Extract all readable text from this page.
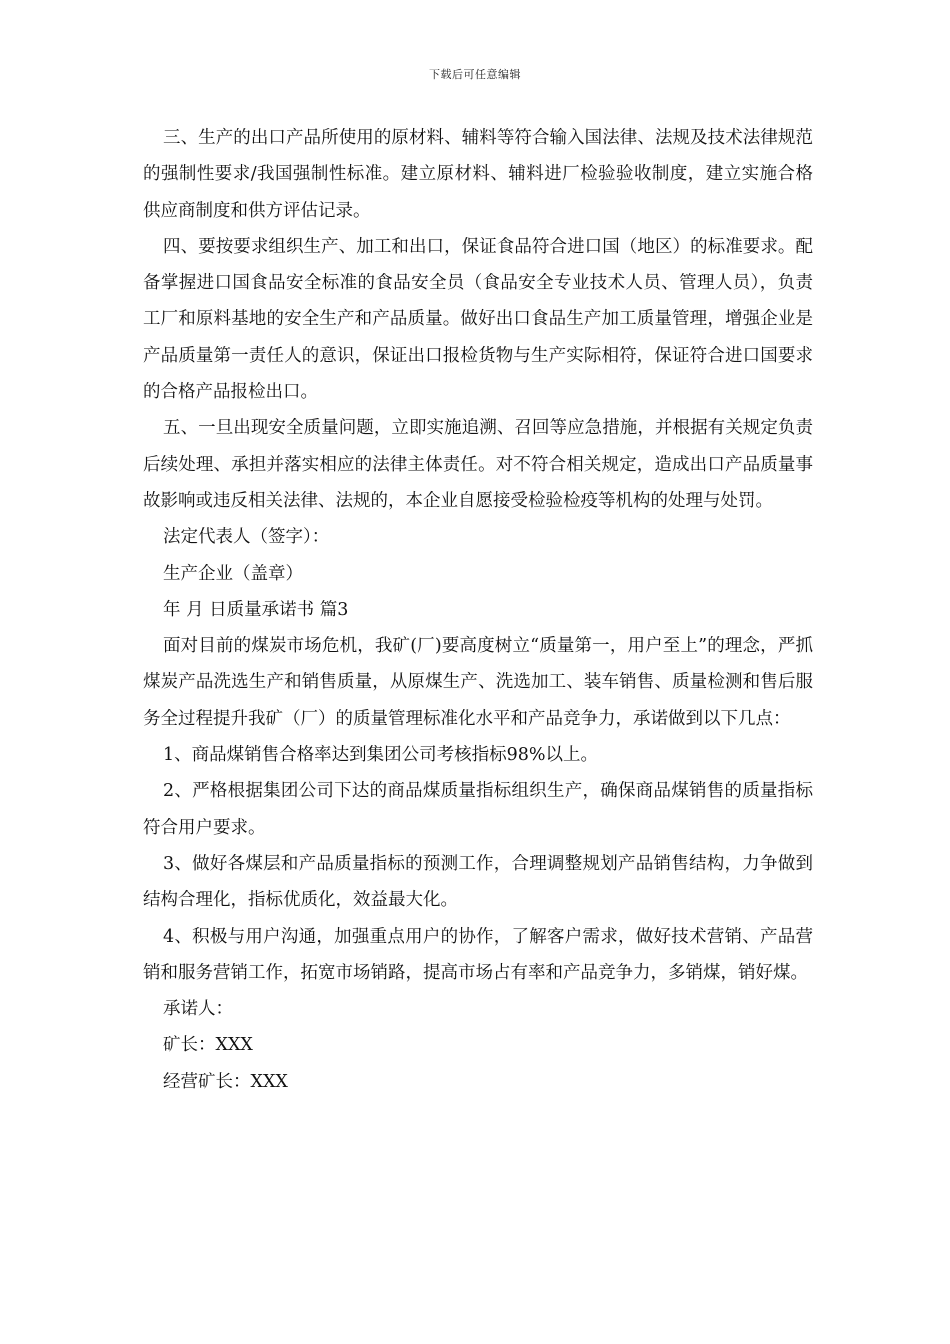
下载后可任意编辑

三、生产的出口产品所使用的原材料、辅料等符合输入国法律、法规及技术法律规范的强制性要求/我国强制性标准。建立原材料、辅料进厂检验验收制度，建立实施合格供应商制度和供方评估记录。

四、要按要求组织生产、加工和出口，保证食品符合进口国（地区）的标准要求。配备掌握进口国食品安全标准的食品安全员（食品安全专业技术人员、管理人员），负责工厂和原料基地的安全生产和产品质量。做好出口食品生产加工质量管理，增强企业是产品质量第一责任人的意识，保证出口报检货物与生产实际相符，保证符合进口国要求的合格产品报检出口。

五、一旦出现安全质量问题，立即实施追溯、召回等应急措施，并根据有关规定负责后续处理、承担并落实相应的法律主体责任。对不符合相关规定，造成出口产品质量事故影响或违反相关法律、法规的，本企业自愿接受检验检疫等机构的处理与处罚。

法定代表人（签字）：

生产企业（盖章）

年 月 日质量承诺书 篇3

面对目前的煤炭市场危机，我矿(厂)要高度树立“质量第一，用户至上”的理念，严抓煤炭产品洗选生产和销售质量，从原煤生产、洗选加工、装车销售、质量检测和售后服务全过程提升我矿（厂）的质量管理标准化水平和产品竞争力，承诺做到以下几点：

1、商品煤销售合格率达到集团公司考核指标98%以上。

2、严格根据集团公司下达的商品煤质量指标组织生产，确保商品煤销售的质量指标符合用户要求。

3、做好各煤层和产品质量指标的预测工作，合理调整规划产品销售结构，力争做到结构合理化，指标优质化，效益最大化。

4、积极与用户沟通，加强重点用户的协作，了解客户需求，做好技术营销、产品营销和服务营销工作，拓宽市场销路，提高市场占有率和产品竞争力，多销煤，销好煤。

承诺人：

矿长：XXX

经营矿长：XXX
